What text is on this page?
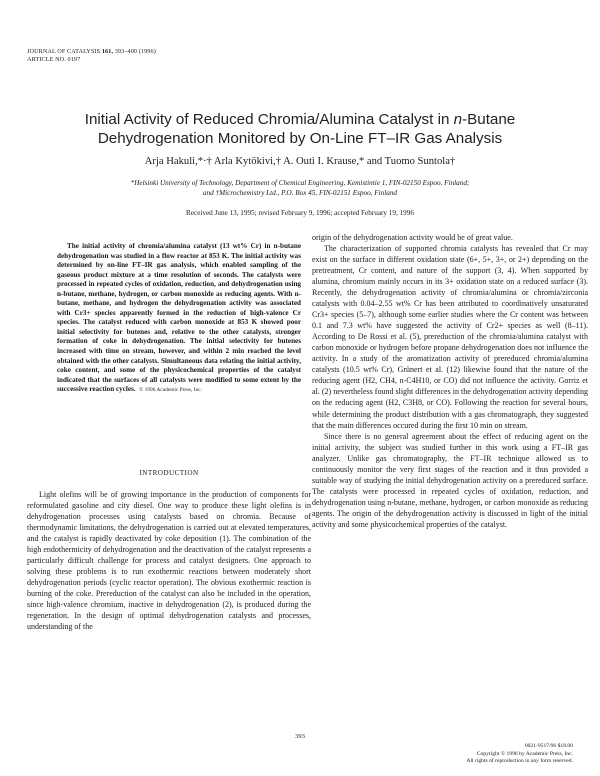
JOURNAL OF CATALYSIS 161, 393–400 (1996)
ARTICLE NO. 0197
Initial Activity of Reduced Chromia/Alumina Catalyst in n-Butane
Dehydrogenation Monitored by On-Line FT–IR Gas Analysis
Arja Hakuli,*·† Arla Kytökivi,† A. Outi I. Krause,* and Tuomo Suntola†
*Helsinki University of Technology, Department of Chemical Engineering, Kemistintie 1, FIN-02150 Espoo, Finland;
and †Microchemistry Ltd., P.O. Box 45, FIN-02151 Espoo, Finland
Received June 13, 1995; revised February 9, 1996; accepted February 19, 1996
The initial activity of chromia/alumina catalyst (13 wt% Cr) in n-butane dehydrogenation was studied in a flow reactor at 853 K. The initial activity was determined by on-line FT–IR gas analysis, which enabled sampling of the gaseous product mixture at a time resolution of seconds. The catalysts were processed in repeated cycles of oxidation, reduction, and dehydrogenation using n-butane, methane, hydrogen, or carbon monoxide as reducing agents. With n-butane, methane, and hydrogen the dehydrogenation activity was associated with Cr3+ species apparently formed in the reduction of high-valence Cr species. The catalyst reduced with carbon monoxide at 853 K showed poor initial selectivity for butenes and, relative to the other catalysts, stronger formation of coke in dehydrogenation. The initial selectivity for butenes increased with time on stream, however, and within 2 min reached the level obtained with the other catalysts. Simultaneous data relating the initial activity, coke content, and some of the physicochemical properties of the catalyst indicated that the surfaces of all catalysts were modified to some extent by the successive reaction cycles. © 1996 Academic Press, Inc.
INTRODUCTION

Light olefins will be of growing importance in the production of components for reformulated gasoline and city diesel. One way to produce these light olefins is in dehydrogenation processes using catalysts based on chromia. Because of thermodynamic limitations, the dehydrogenation is carried out at elevated temperatures, and the catalyst is rapidly deactivated by coke deposition (1). The combination of the high endothermicity of dehydrogenation and the deactivation of the catalyst represents a particularly difficult challenge for process and catalyst designers. One approach to solving these problems is to run exothermic reactions between moderately short dehydrogenation periods (cyclic reactor operation). The obvious exothermic reaction is burning of the coke. Prereduction of the catalyst can also be included in the operation, since high-valence chromium, inactive in dehydrogenation (2), is produced during the regeneration. In the design of optimal dehydrogenation catalysts and processes, understanding of the

origin of the dehydrogenation activity would be of great value.

The characterization of supported chromia catalysts has revealed that Cr may exist on the surface in different oxidation state (6+, 5+, 3+, or 2+) depending on the pretreatment, Cr content, and nature of the support (3, 4). When supported by alumina, chromium mainly occurs in its 3+ oxidation state on a reduced surface (3). Recently, the dehydrogenation activity of chromia/alumina or chromia/zirconia catalysts with 0.04–2.55 wt% Cr has been attributed to coordinatively unsaturated Cr3+ species (5–7), although some earlier studies where the Cr content was between 0.1 and 7.3 wt% have suggested the activity of Cr2+ species as well (8–11). According to De Rossi et al. (5), prereduction of the chromia/alumina catalyst with carbon monoxide or hydrogen before propane dehydrogenation does not influence the activity. In a study of the aromatization activity of prereduced chromia/alumina catalysts (10.5 wt% Cr), Grünert et al. (12) likewise found that the nature of the reducing agent (H2, CH4, n-C4H10, or CO) did not influence the activity. Gorriz et al. (2) nevertheless found slight differences in the dehydrogenation activity depending on the reducing agent (H2, C3H8, or CO). Following the reaction for several hours, while determining the product distribution with a gas chromatograph, they suggested that the main differences occured during the first 10 min on stream.

Since there is no general agreement about the effect of reducing agent on the initial activity, the subject was studied further in this work using a FT–IR gas analyzer. Unlike gas chromatography, the FT–IR technique allowed us to continuously monitor the very first stages of the reaction and it thus provided a suitable way of studying the initial dehydrogenation activity on a prereduced surface. The catalysts were processed in repeated cycles of oxidation, reduction, and dehydrogenation using n-butane, methane, hydrogen, or carbon monoxide as reducing agents. The origin of the dehydrogenation activity is discussed in light of the initial activity and some physicochemical properties of the catalyst.

393
0021-9517/96 $18.00
Copyright © 1996 by Academic Press, Inc.
All rights of reproduction in any form reserved.
